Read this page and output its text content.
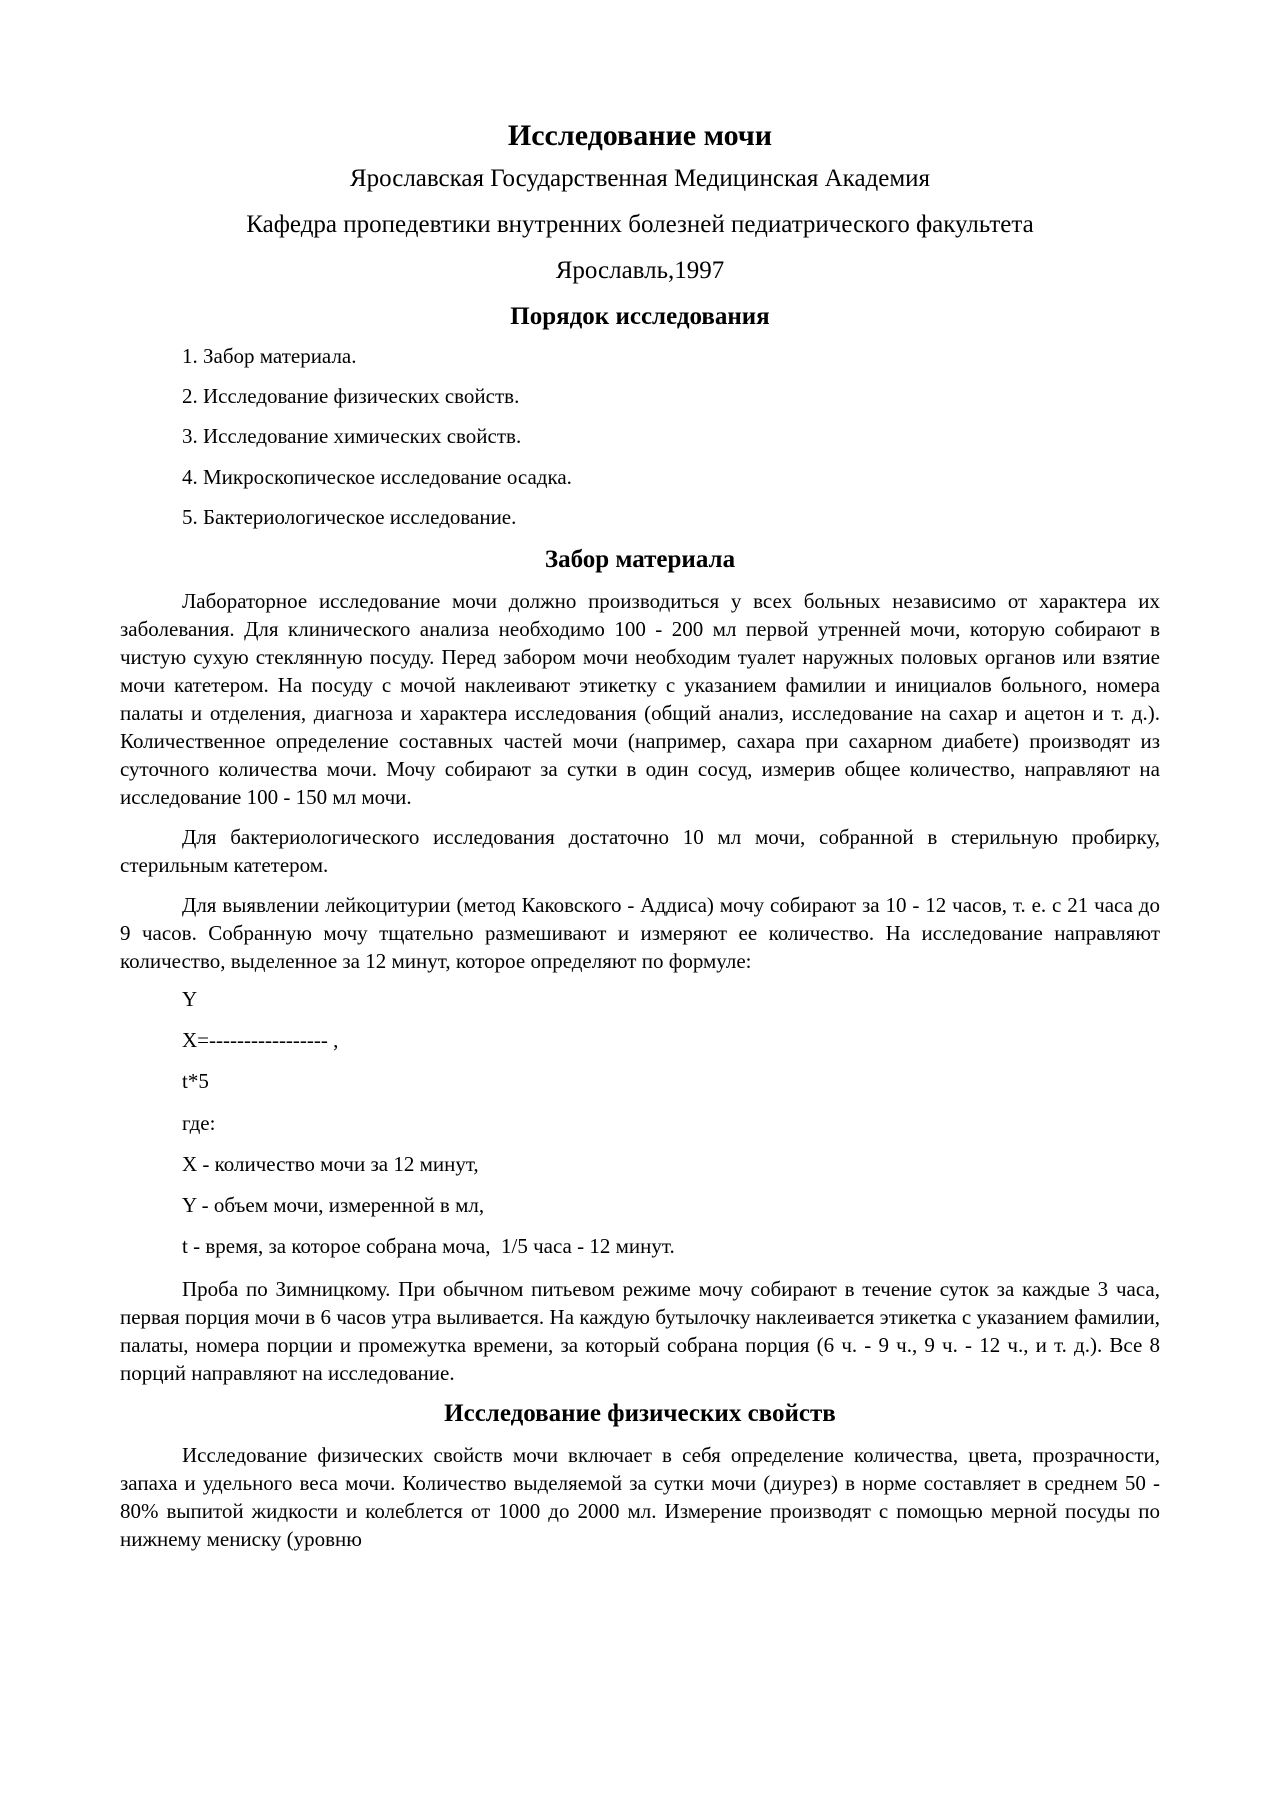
Исследование мочи
Ярославская Государственная Медицинская Академия
Кафедра пропедевтики внутренних болезней педиатрического факультета
Ярославль,1997
Порядок исследования
1. Забор материала.
2. Исследование физических свойств.
3. Исследование химических свойств.
4. Микроскопическое исследование осадка.
5. Бактериологическое исследование.
Забор материала

Лабораторное исследование мочи должно производиться у всех больных независимо от характера их заболевания. Для клинического анализа необходимо 100 - 200 мл первой утренней мочи, которую собирают в чистую сухую стеклянную посуду. Перед забором мочи необходим туалет наружных половых органов или взятие мочи катетером. На посуду с мочой наклеивают этикетку с указанием фамилии и инициалов больного, номера палаты и отделения, диагноза и характера исследования (общий анализ, исследование на сахар и ацетон и т. д.). Количественное определение составных частей мочи (например, сахара при сахарном диабете) производят из суточного количества мочи. Мочу собирают за сутки в один сосуд, измерив общее количество, направляют на исследование 100 - 150 мл мочи.

Для бактериологического исследования достаточно 10 мл мочи, собранной в стерильную пробирку, стерильным катетером.

Для выявлении лейкоцитурии (метод Каковского - Аддиса) мочу собирают за 10 - 12 часов, т. е. с 21 часа до 9 часов. Собранную мочу тщательно размешивают и измеряют ее количество. На исследование направляют количество, выделенное за 12 минут, которое определяют по формуле:

Y
X=----------------- ,
t*5
где:
X - количество мочи за 12 минут,
Y - объем мочи, измеренной в мл,
t - время, за которое собрана моча,  1/5 часа - 12 минут.

Проба по Зимницкому. При обычном питьевом режиме мочу собирают в течение суток за каждые 3 часа, первая порция мочи в 6 часов утра выливается. На каждую бутылочку наклеивается этикетка с указанием фамилии, палаты, номера порции и промежутка времени, за который собрана порция (6 ч. - 9 ч., 9 ч. - 12 ч., и т. д.). Все 8 порций направляют на исследование.

Исследование физических свойств

Исследование физических свойств мочи включает в себя определение количества, цвета, прозрачности, запаха и удельного веса мочи. Количество выделяемой за сутки мочи (диурез) в норме составляет в среднем 50 - 80% выпитой жидкости и колеблется от 1000 до 2000 мл. Измерение производят с помощью мерной посуды по нижнему мениску (уровню
